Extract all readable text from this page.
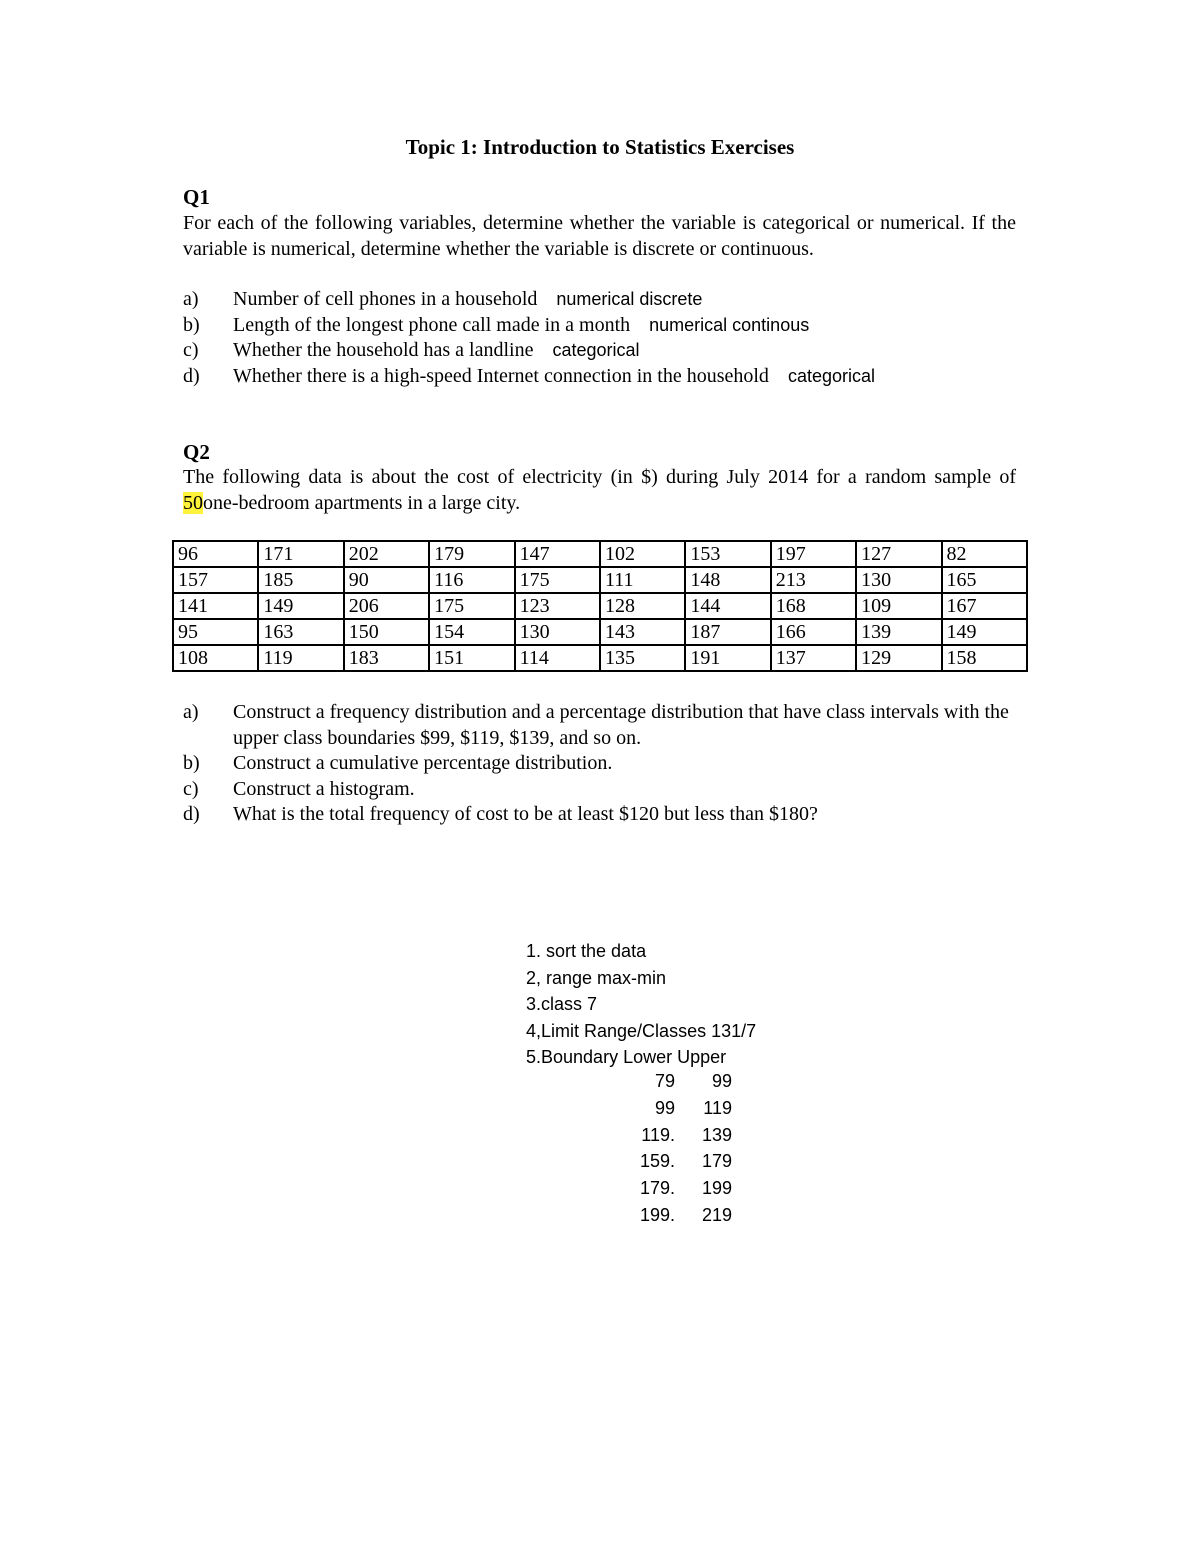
Topic 1: Introduction to Statistics Exercises
Q1
For each of the following variables, determine whether the variable is categorical or numerical. If the variable is numerical, determine whether the variable is discrete or continuous.
a) Number of cell phones in a household numerical discrete
b) Length of the longest phone call made in a month numerical continous
c) Whether the household has a landline categorical
d) Whether there is a high-speed Internet connection in the household categorical
Q2
The following data is about the cost of electricity (in $) during July 2014 for a random sample of 50one-bedroom apartments in a large city.
96	171	202	179	147	102	153	197	127	82
157	185	90	116	175	111	148	213	130	165
141	149	206	175	123	128	144	168	109	167
95	163	150	154	130	143	187	166	139	149
108	119	183	151	114	135	191	137	129	158
a) Construct a frequency distribution and a percentage distribution that have class intervals with the upper class boundaries $99, $119, $139, and so on.
b) Construct a cumulative percentage distribution.
c) Construct a histogram.
d) What is the total frequency of cost to be at least $120 but less than $180?
1. sort the data
2, range max-min
3.class 7
4,Limit Range/Classes 131/7
5.Boundary Lower Upper
79	99
99	119
119.	139
159.	179
179.	199
199.	219
